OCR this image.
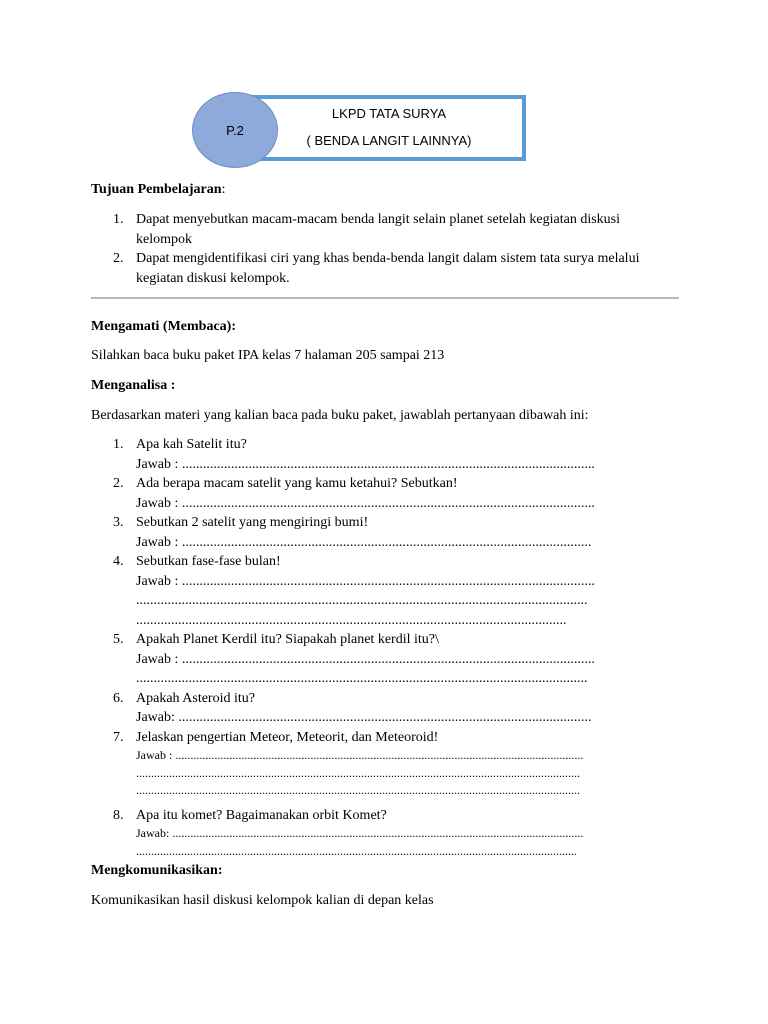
LKPD TATA SURYA
( BENDA LANGIT LAINNYA)
P.2
Tujuan Pembelajaran:
1. Dapat menyebutkan macam-macam benda langit selain planet setelah kegiatan diskusi
kelompok
2. Dapat mengidentifikasi ciri yang khas benda-benda langit dalam sistem tata surya melalui
kegiatan diskusi kelompok.
Mengamati (Membaca):
Silahkan baca buku paket IPA kelas 7 halaman 205 sampai 213
Menganalisa :
Berdasarkan materi yang kalian baca pada buku paket, jawablah pertanyaan dibawah ini:
1. Apa kah Satelit itu?
Jawab : ......................................................................................................................
2. Ada berapa macam satelit yang kamu ketahui? Sebutkan!
Jawab : ......................................................................................................................
3. Sebutkan 2 satelit yang mengiringi bumi!
Jawab : .....................................................................................................................
4. Sebutkan fase-fase bulan!
Jawab : ......................................................................................................................
.................................................................................................................................
...........................................................................................................................
5. Apakah Planet Kerdil itu? Siapakah planet kerdil itu?\
Jawab : ......................................................................................................................
.................................................................................................................................
6. Apakah Asteroid itu?
Jawab: ......................................................................................................................
7. Jelaskan pengertian Meteor, Meteorit, dan Meteoroid!
Jawab : ........................................................................................................................................
....................................................................................................................................................
....................................................................................................................................................
8. Apa itu komet? Bagaimanakan orbit Komet?
Jawab: .........................................................................................................................................
...................................................................................................................................................
Mengkomunikasikan:
Komunikasikan hasil diskusi kelompok kalian di depan kelas
